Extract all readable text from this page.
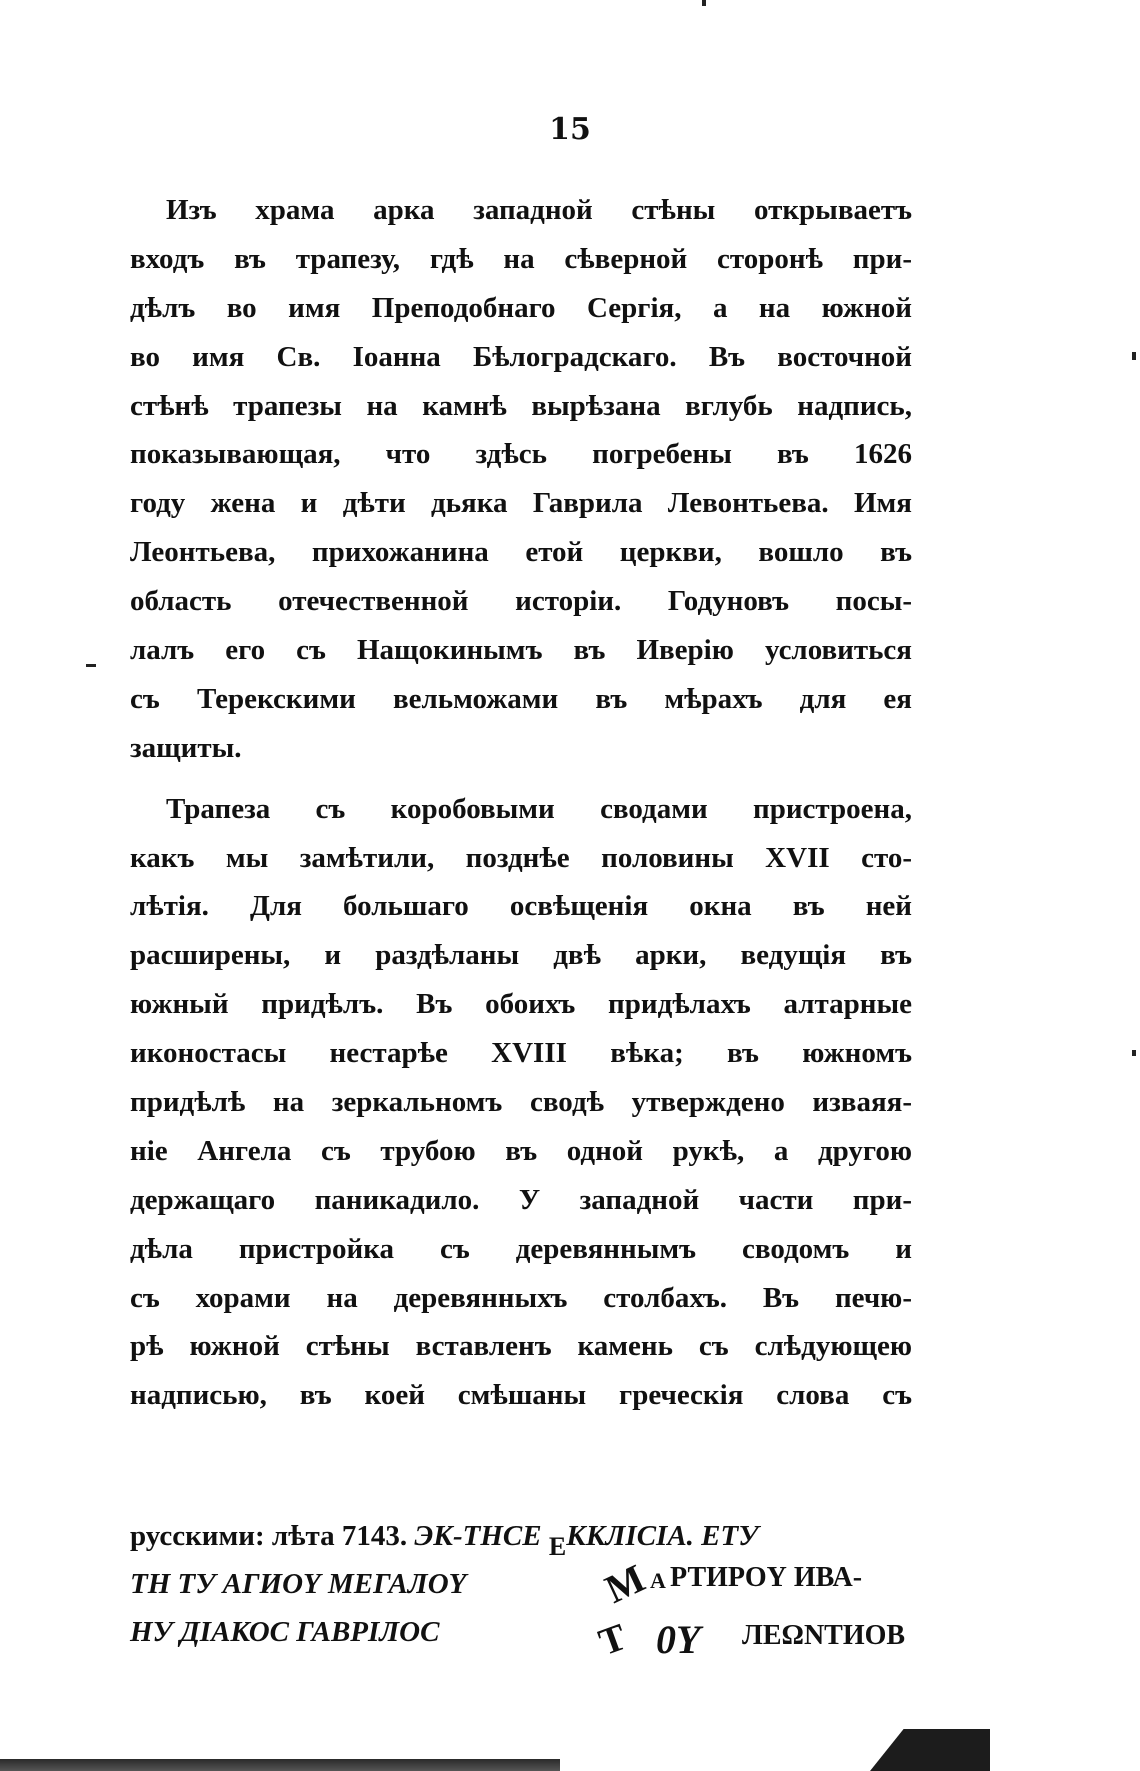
15
Изъ храма арка западной стѣны открываетъ
входъ въ трапезу, гдѣ на сѣверной сторонѣ при-
дѣлъ во имя Преподобнаго Сергія, а на южной
во имя Св. Іоанна Бѣлоградскаго. Въ восточной
стѣнѣ трапезы на камнѣ вырѣзана вглубь надпись,
показывающая, что здѣсь погребены въ 1626
году жена и дѣти дьяка Гаврила Левонтьева. Имя
Леонтьева, прихожанина етой церкви, вошло въ
область отечественной исторіи. Годуновъ посы-
лалъ его съ Нащокинымъ въ Иверію условиться
съ Терекскими вельможами въ мѣрахъ для ея
защиты.
Трапеза съ коробовыми сводами пристроена,
какъ мы замѣтили, позднѣе половины XVII сто-
лѣтія. Для большаго освѣщенія окна въ ней
расширены, и раздѣланы двѣ арки, ведущія въ
южный придѣлъ. Въ обоихъ придѣлахъ алтарные
иконостасы нестарѣе XVIII вѣка; въ южномъ
придѣлѣ на зеркальномъ сводѣ утверждено изваяя-
ніе Ангела съ трубою въ одной рукѣ, а другою
держащаго паникадило. У западной части при-
дѣла пристройка съ деревяннымъ сводомъ и
съ хорами на деревянныхъ столбахъ. Въ печю-
рѣ южной стѣны вставленъ камень съ слѣдующею
надписью, въ коей смѣшаны греческія слова съ
русскими: лѣта 7143. ЭК-ТНСЕ ЕККЛІСІА. ЕТУ
ТН ТУ АГИОҮ МЕГАЛОҮ	М
А РТИРОҮ ИВА-
НУ ДІАКОС ГАВРІЛОС	Т 0Ү ЛЕΩNТИОВ
